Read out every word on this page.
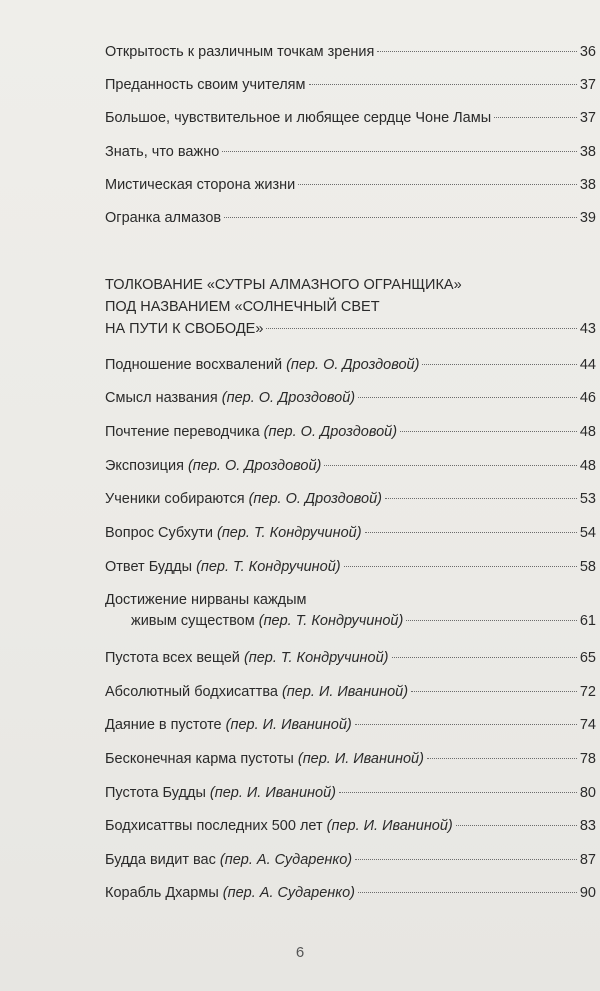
Открытость к различным точкам зрения	36
Преданность своим учителям	37
Большое, чувствительное и любящее сердце Чоне Ламы	37
Знать, что важно	38
Мистическая сторона жизни	38
Огранка алмазов	39
ТОЛКОВАНИЕ «СУТРЫ АЛМАЗНОГО ОГРАНЩИКА»
ПОД НАЗВАНИЕМ «СОЛНЕЧНЫЙ СВЕТ
НА ПУТИ К СВОБОДЕ»	43
Подношение восхвалений (пер. О. Дроздовой)	44
Смысл названия (пер. О. Дроздовой)	46
Почтение переводчика (пер. О. Дроздовой)	48
Экспозиция (пер. О. Дроздовой)	48
Ученики собираются (пер. О. Дроздовой)	53
Вопрос Субхути (пер. Т. Кондручиной)	54
Ответ Будды (пер. Т. Кондручиной)	58
Достижение нирваны каждым
живым существом (пер. Т. Кондручиной)	61
Пустота всех вещей (пер. Т. Кондручиной)	65
Абсолютный бодхисаттва (пер. И. Иваниной)	72
Даяние в пустоте (пер. И. Иваниной)	74
Бесконечная карма пустоты (пер. И. Иваниной)	78
Пустота Будды (пер. И. Иваниной)	80
Бодхисаттвы последних 500 лет (пер. И. Иваниной)	83
Будда видит вас (пер. А. Сударенко)	87
Корабль Дхармы (пер. А. Сударенко)	90
6
